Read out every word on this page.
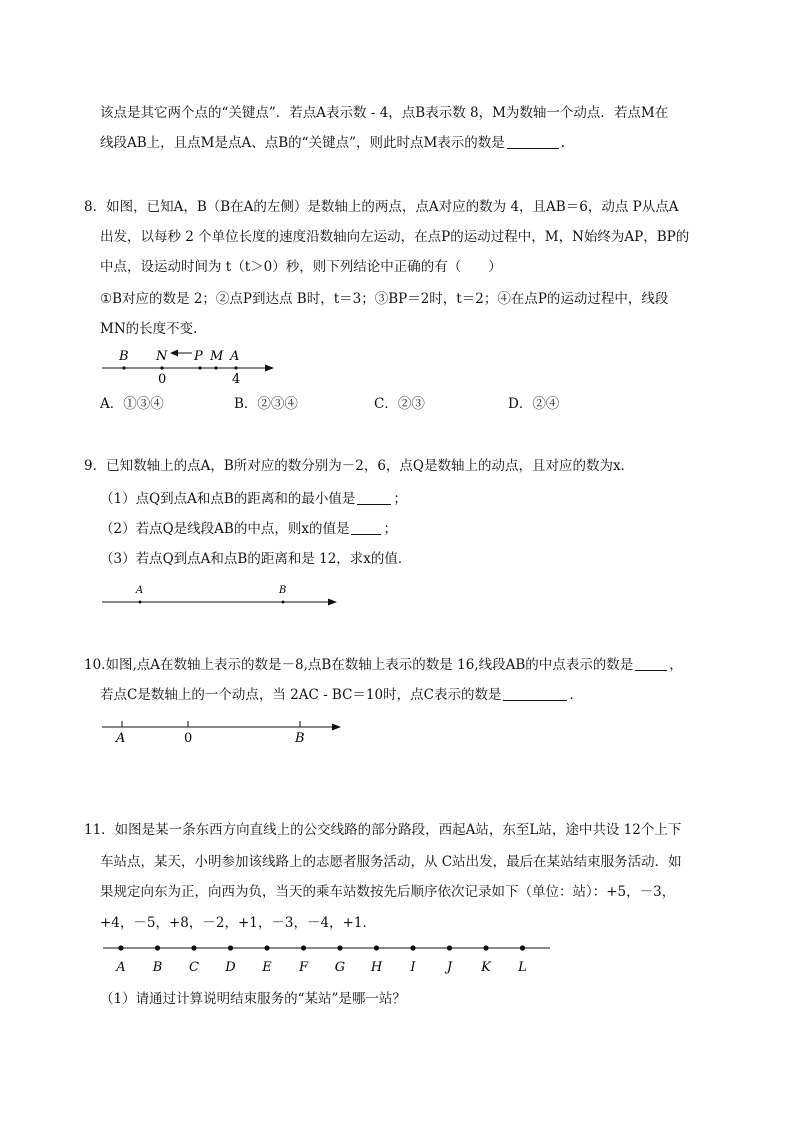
该点是其它两个点的“关键点”．若点A表示数 - 4，点B表示数 8，M为数轴一个动点．若点M在
线段AB上，且点M是点A、点B的“关键点”，则此时点M表示的数是	．
8．如图，已知A，B（B在A的左侧）是数轴上的两点，点A对应的数为 4，且AB＝6，动点 P从点A
出发，以每秒 2 个单位长度的速度沿数轴向左运动，在点P的运动过程中，M，N始终为AP，BP的
中点，设运动时间为 t（t＞0）秒，则下列结论中正确的有（　　）
①B对应的数是 2；②点P到达点 B时，t＝3；③BP＝2时，t＝2；④在点P的运动过程中，线段
MN的长度不变．
B N P M A
0	4
A．①③④	B．②③④	C．②③	D．②④
9．已知数轴上的点A，B所对应的数分别为－2，6，点Q是数轴上的动点，且对应的数为x．
（1）点Q到点A和点B的距离和的最小值是	；
（2）若点Q是线段AB的中点，则x的值是	；
（3）若点Q到点A和点B的距离和是 12，求x的值．
A	B
10.如图,点A在数轴上表示的数是－8,点B在数轴上表示的数是 16,线段AB的中点表示的数是	，
若点C是数轴上的一个动点，当 2AC - BC＝10时，点C表示的数是	．
A	0	B
11．如图是某一条东西方向直线上的公交线路的部分路段，西起A站，东至L站，途中共设 12个上下
车站点，某天，小明参加该线路上的志愿者服务活动，从 C站出发，最后在某站结束服务活动．如
果规定向东为正，向西为负，当天的乘车站数按先后顺序依次记录如下（单位：站）：+5，－3，
+4，－5，+8，－2，+1，－3，－4，+1．
A B C D E F G H I J K L
（1）请通过计算说明结束服务的“某站”是哪一站？
